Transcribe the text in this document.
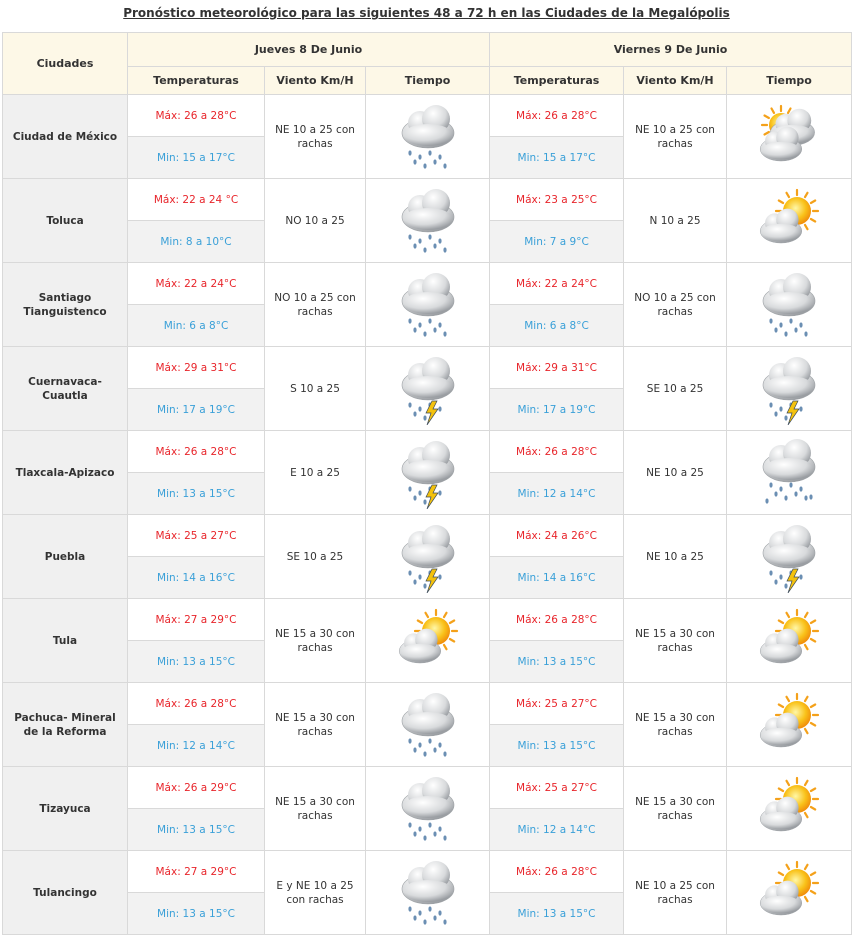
Pronóstico meteorológico para las siguientes 48 a 72 h en las Ciudades de la Megalópolis
Ciudades	Jueves 8 De Junio			Viernes 9 De Junio		
	Temperaturas	Viento Km/H	Tiempo	Temperaturas	Viento Km/H	Tiempo
Ciudad de México	Máx: 26 a 28°C	NE 10 a 25 con rachas		Máx: 26 a 28°C	NE 10 a 25 con rachas	

	Min: 15 a 17°C			Min: 15 a 17°C		
Toluca	Máx: 22 a 24 °C	NO 10 a 25		Máx: 23 a 25°C	N 10 a 25	

	Min: 8 a 10°C			Min: 7 a 9°C		
Santiago Tianguistenco	Máx: 22 a 24°C	NO 10 a 25 con rachas		Máx: 22 a 24°C	NO 10 a 25 con rachas	

	Min: 6 a 8°C			Min: 6 a 8°C		
Cuernavaca-Cuautla	Máx: 29 a 31°C	S 10 a 25		Máx: 29 a 31°C	SE 10 a 25	

	Min: 17 a 19°C			Min: 17 a 19°C		
Tlaxcala-Apizaco	Máx: 26 a 28°C	E 10 a 25		Máx: 26 a 28°C	NE 10 a 25	

	Min: 13 a 15°C			Min: 12 a 14°C		
Puebla	Máx: 25 a 27°C	SE 10 a 25		Máx: 24 a 26°C	NE 10 a 25	

	Min: 14 a 16°C			Min: 14 a 16°C		
Tula	Máx: 27 a 29°C	NE 15 a 30 con rachas		Máx: 26 a 28°C	NE 15 a 30 con rachas	

	Min: 13 a 15°C			Min: 13 a 15°C		
Pachuca- Mineral de la Reforma	Máx: 26 a 28°C	NE 15 a 30 con rachas		Máx: 25 a 27°C	NE 15 a 30 con rachas	

	Min: 12 a 14°C			Min: 13 a 15°C		
Tizayuca	Máx: 26 a 29°C	NE 15 a 30 con rachas		Máx: 25 a 27°C	NE 15 a 30 con rachas	

	Min: 13 a 15°C			Min: 12 a 14°C		
Tulancingo	Máx: 27 a 29°C	E y NE 10 a 25 con rachas		Máx: 26 a 28°C	NE 10 a 25 con rachas	

	Min: 13 a 15°C			Min: 13 a 15°C		
